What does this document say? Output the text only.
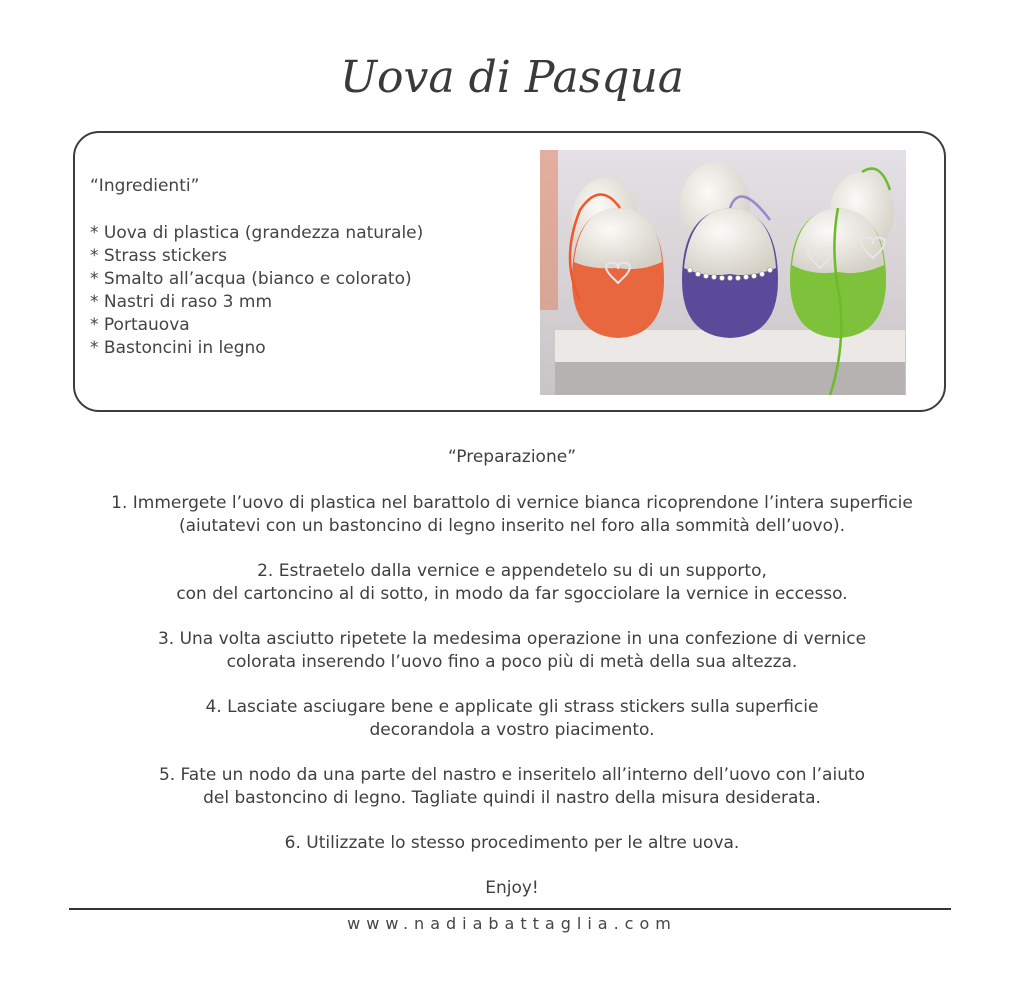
Uova di Pasqua
“Ingredienti”
* Uova di plastica (grandezza naturale)
* Strass stickers
* Smalto all’acqua (bianco e colorato)
* Nastri di raso 3 mm
* Portauova
* Bastoncini in legno

“Preparazione”

1. Immergete l’uovo di plastica nel barattolo di vernice bianca ricoprendone l’intera superficie
(aiutatevi con un bastoncino di legno inserito nel foro alla sommità dell’uovo).

2. Estraetelo dalla vernice e appendetelo su di un supporto,
con del cartoncino al di sotto, in modo da far sgocciolare la vernice in eccesso.

3. Una volta asciutto ripetete la medesima operazione in una confezione di vernice
colorata inserendo l’uovo fino a poco più di metà della sua altezza.

4. Lasciate asciugare bene e applicate gli strass stickers sulla superficie
decorandola a vostro piacimento.

5. Fate un nodo da una parte del nastro e inseritelo all’interno dell’uovo con l’aiuto
del bastoncino di legno. Tagliate quindi il nastro della misura desiderata.

6. Utilizzate lo stesso procedimento per le altre uova.

Enjoy!

www.nadiabattaglia.com
